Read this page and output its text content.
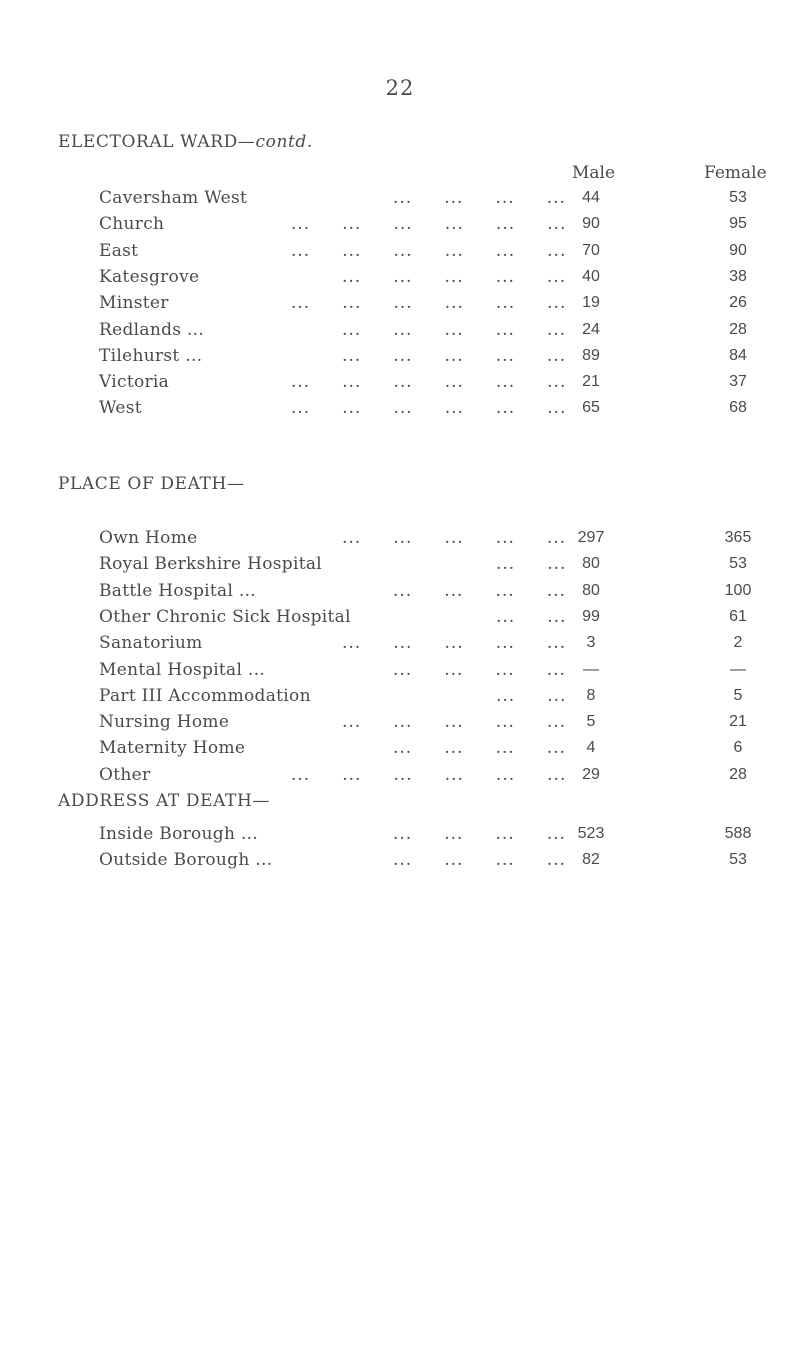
22
ELECTORAL WARD—contd.
Male	Female
Caversham West	...     ...     ...     ...	44	53
Church	...     ...     ...     ...     ...     ... 90	95
East	...     ...     ...     ...     ...     ... 70	90
Katesgrove	...     ...     ...     ...     ... 40	38
Minster	...     ...     ...     ...     ...     ... 19	26
Redlands ...	...     ...     ...     ...     ... 24	28
Tilehurst ...	...     ...     ...     ...     ... 89	84
Victoria	...     ...     ...     ...     ...     ... 21	37
West	...     ...     ...     ...     ...     ... 65	68
PLACE OF DEATH—
Own Home	...     ...     ...     ...     ... 297	365
Royal Berkshire Hospital	...     ... 80	53
Battle Hospital ...	...     ...     ...     ...	80	100
Other Chronic Sick Hospital	...     ... 99	61
Sanatorium	...     ...     ...     ...     ...	3	2
Mental Hospital ...	...     ...     ...     ...	—	—
Part III Accommodation	...     ...	8	5
Nursing Home	...     ...     ...     ...     ...	5	21
Maternity Home	...     ...     ...     ...	4	6
Other	...     ...     ...     ...     ...     ... 29	28
ADDRESS AT DEATH—
Inside Borough ...	...     ...     ...     ... 523	588
Outside Borough ...	...     ...     ...     ...	82	53
